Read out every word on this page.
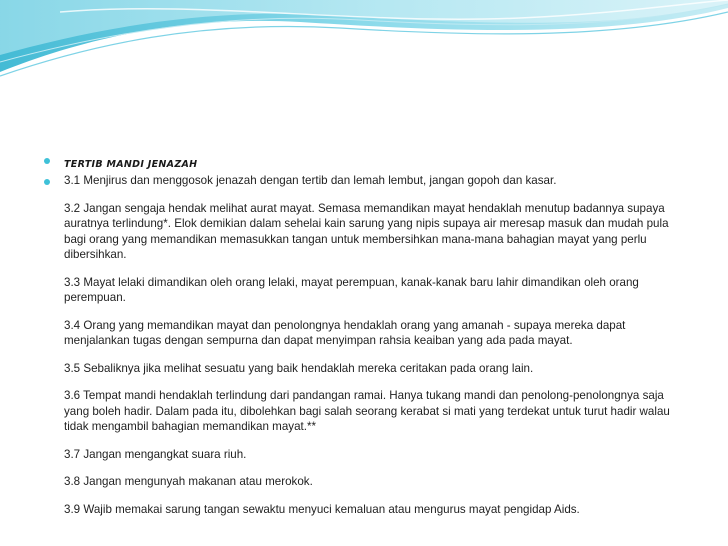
TERTIB MANDI JENAZAH

3.1 Menjirus dan menggosok jenazah dengan tertib dan lemah lembut, jangan gopoh dan kasar.

3.2 Jangan sengaja hendak melihat aurat mayat. Semasa memandikan mayat hendaklah menutup badannya supaya auratnya terlindung*. Elok demikian dalam sehelai kain sarung yang nipis supaya air meresap masuk dan mudah pula bagi orang yang memandikan memasukkan tangan untuk membersihkan mana-mana bahagian mayat yang perlu dibersihkan.

3.3 Mayat lelaki dimandikan oleh orang lelaki, mayat perempuan, kanak-kanak baru lahir dimandikan oleh orang perempuan.

3.4 Orang yang memandikan mayat dan penolongnya hendaklah orang yang amanah - supaya mereka dapat menjalankan tugas dengan sempurna dan dapat menyimpan rahsia keaiban yang ada pada mayat.

3.5 Sebaliknya jika melihat sesuatu yang baik hendaklah mereka ceritakan pada orang lain.

3.6 Tempat mandi hendaklah terlindung dari pandangan ramai. Hanya tukang mandi dan penolong-penolongnya saja yang boleh hadir. Dalam pada itu, dibolehkan bagi salah seorang kerabat si mati yang terdekat untuk turut hadir walau tidak mengambil bahagian memandikan mayat.**

3.7 Jangan mengangkat suara riuh.

3.8 Jangan mengunyah makanan atau merokok.

3.9 Wajib memakai sarung tangan sewaktu menyuci kemaluan atau mengurus mayat pengidap Aids.
